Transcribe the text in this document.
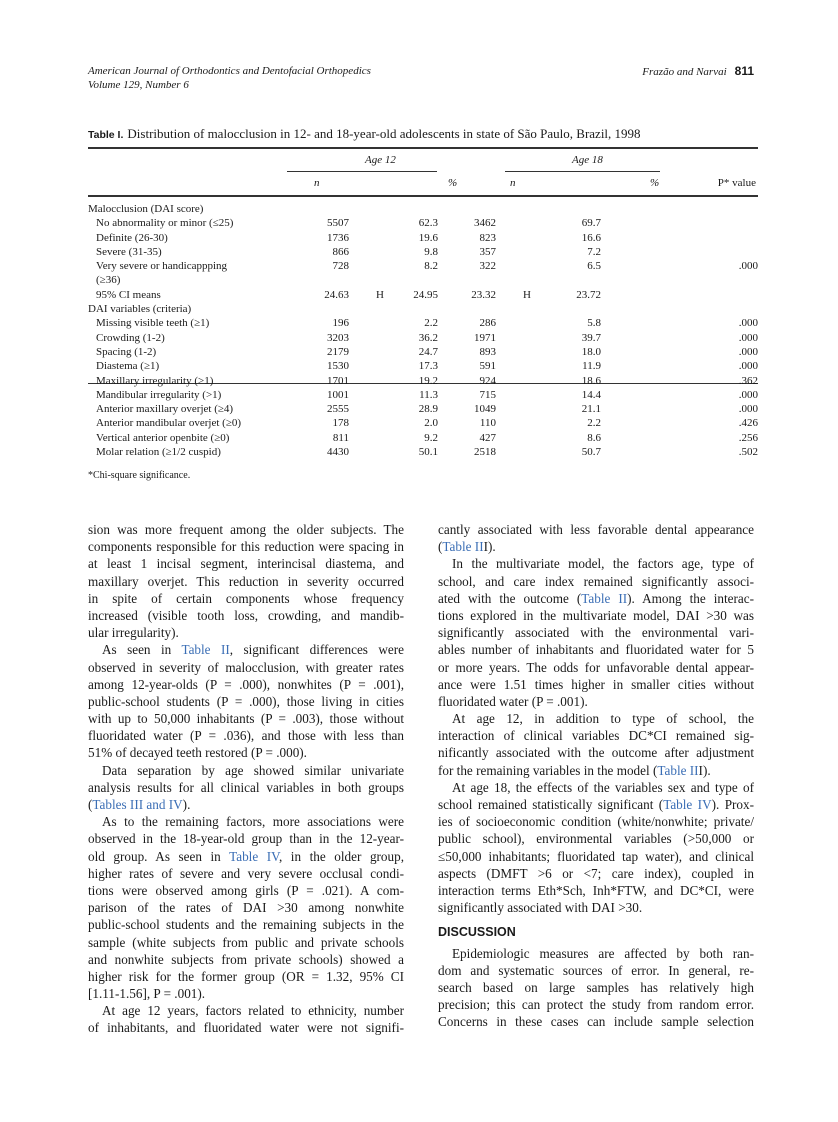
American Journal of Orthodontics and Dentofacial Orthopedics
Volume 129, Number 6
Frazão and Narvai 811
Table I. Distribution of malocclusion in 12- and 18-year-old adolescents in state of São Paulo, Brazil, 1998
Age 12	Age 18
n	%	n	%	P* value
Malocclusion (DAI score)							
No abnormality or minor (≤25)	5507		62.3	3462		69.7	
Definite (26-30)	1736		19.6	823		16.6	
Severe (31-35)	866		9.8	357		7.2	
Very severe or handicappping	728		8.2	322		6.5	.000
(≥36)							
95% CI means	24.63	H	24.95	23.32	H	23.72	
DAI variables (criteria)							
Missing visible teeth (≥1)	196		2.2	286		5.8	.000
Crowding (1-2)	3203		36.2	1971		39.7	.000
Spacing (1-2)	2179		24.7	893		18.0	.000
Diastema (≥1)	1530		17.3	591		11.9	.000
Maxillary irregularity (>1)	1701		19.2	924		18.6	.362
Mandibular irregularity (>1)	1001		11.3	715		14.4	.000
Anterior maxillary overjet (≥4)	2555		28.9	1049		21.1	.000
Anterior mandibular overjet (≥0)	178		2.0	110		2.2	.426
Vertical anterior openbite (≥0)	811		9.2	427		8.6	.256
Molar relation (≥1/2 cuspid)	4430		50.1	2518		50.7	.502
*Chi-square significance.
sion was more frequent among the older subjects. The
components responsible for this reduction were spacing in
at least 1 incisal segment, interincisal diastema, and
maxillary overjet. This reduction in severity occurred
in spite of certain components whose frequency
increased (visible tooth loss, crowding, and mandib-
ular irregularity).
As seen in Table II, significant differences were
observed in severity of malocclusion, with greater rates
among 12-year-olds (P = .000), nonwhites (P = .001),
public-school students (P = .000), those living in cities
with up to 50,000 inhabitants (P = .003), those without
fluoridated water (P = .036), and those with less than
51% of decayed teeth restored (P = .000).
Data separation by age showed similar univariate
analysis results for all clinical variables in both groups
(Tables III and IV).
As to the remaining factors, more associations were
observed in the 18-year-old group than in the 12-year-
old group. As seen in Table IV, in the older group,
higher rates of severe and very severe occlusal condi-
tions were observed among girls (P = .021). A com-
parison of the rates of DAI >30 among nonwhite
public-school students and the remaining subjects in the
sample (white subjects from public and private schools
and nonwhite subjects from private schools) showed a
higher risk for the former group (OR = 1.32, 95% CI
[1.11-1.56], P = .001).
At age 12 years, factors related to ethnicity, number
of inhabitants, and fluoridated water were not signifi-
cantly associated with less favorable dental appearance
(Table III).
In the multivariate model, the factors age, type of
school, and care index remained significantly associ-
ated with the outcome (Table II). Among the interac-
tions explored in the multivariate model, DAI >30 was
significantly associated with the environmental vari-
ables number of inhabitants and fluoridated water for 5
or more years. The odds for unfavorable dental appear-
ance were 1.51 times higher in smaller cities without
fluoridated water (P = .001).
At age 12, in addition to type of school, the
interaction of clinical variables DC*CI remained sig-
nificantly associated with the outcome after adjustment
for the remaining variables in the model (Table III).
At age 18, the effects of the variables sex and type of
school remained statistically significant (Table IV). Prox-
ies of socioeconomic condition (white/nonwhite; private/
public school), environmental variables (>50,000 or
≤50,000 inhabitants; fluoridated tap water), and clinical
aspects (DMFT >6 or <7; care index), coupled in
interaction terms Eth*Sch, Inh*FTW, and DC*CI, were
significantly associated with DAI >30.
DISCUSSION
Epidemiologic measures are affected by both ran-
dom and systematic sources of error. In general, re-
search based on large samples has relatively high
precision; this can protect the study from random error.
Concerns in these cases can include sample selection
